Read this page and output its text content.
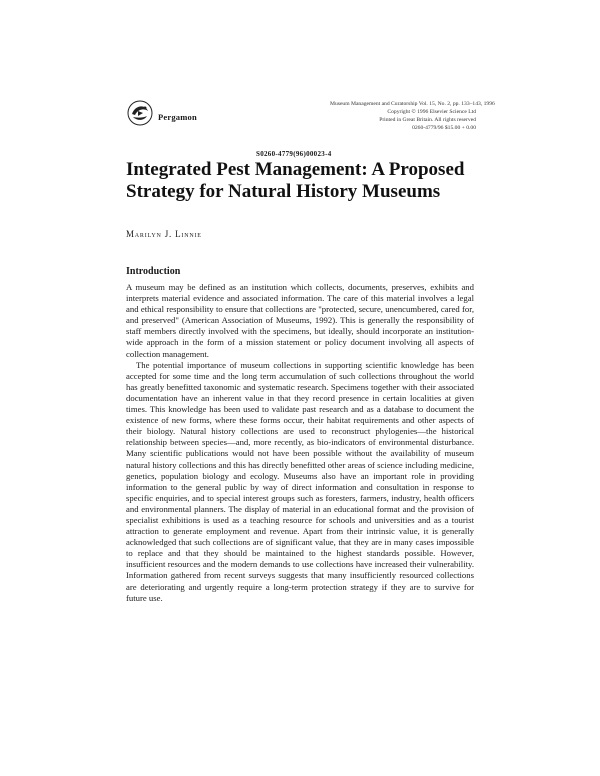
Pergamon
Museum Management and Curatorship Vol. 15, No. 2, pp. 133–143, 1996
Copyright © 1996 Elsevier Science Ltd
Printed in Great Britain. All rights reserved
0260-4779/96 $15.00 + 0.00
S0260-4779(96)00023-4
Integrated Pest Management: A Proposed Strategy for Natural History Museums
Marilyn J. Linnie
Introduction

A museum may be defined as an institution which collects, documents, preserves, exhibits and interprets material evidence and associated information. The care of this material involves a legal and ethical responsibility to ensure that collections are "protected, secure, unencumbered, cared for, and preserved" (American Association of Museums, 1992). This is generally the responsibility of staff members directly involved with the specimens, but ideally, should incorporate an institution-wide approach in the form of a mission statement or policy document involving all aspects of collection management.

The potential importance of museum collections in supporting scientific knowledge has been accepted for some time and the long term accumulation of such collections throughout the world has greatly benefitted taxonomic and systematic research. Specimens together with their associated documentation have an inherent value in that they record presence in certain localities at given times. This knowledge has been used to validate past research and as a database to document the existence of new forms, where these forms occur, their habitat requirements and other aspects of their biology. Natural history collections are used to reconstruct phylogenies—the historical relationship between species—and, more recently, as bio-indicators of environmental disturbance. Many scientific publications would not have been possible without the availability of museum natural history collections and this has directly benefitted other areas of science including medicine, genetics, population biology and ecology. Museums also have an important role in providing information to the general public by way of direct information and consultation in response to specific enquiries, and to special interest groups such as foresters, farmers, industry, health officers and environmental planners. The display of material in an educational format and the provision of specialist exhibitions is used as a teaching resource for schools and universities and as a tourist attraction to generate employment and revenue. Apart from their intrinsic value, it is generally acknowledged that such collections are of significant value, that they are in many cases impossible to replace and that they should be maintained to the highest standards possible. However, insufficient resources and the modern demands to use collections have increased their vulnerability. Information gathered from recent surveys suggests that many insufficiently resourced collections are deteriorating and urgently require a long-term protection strategy if they are to survive for future use.
